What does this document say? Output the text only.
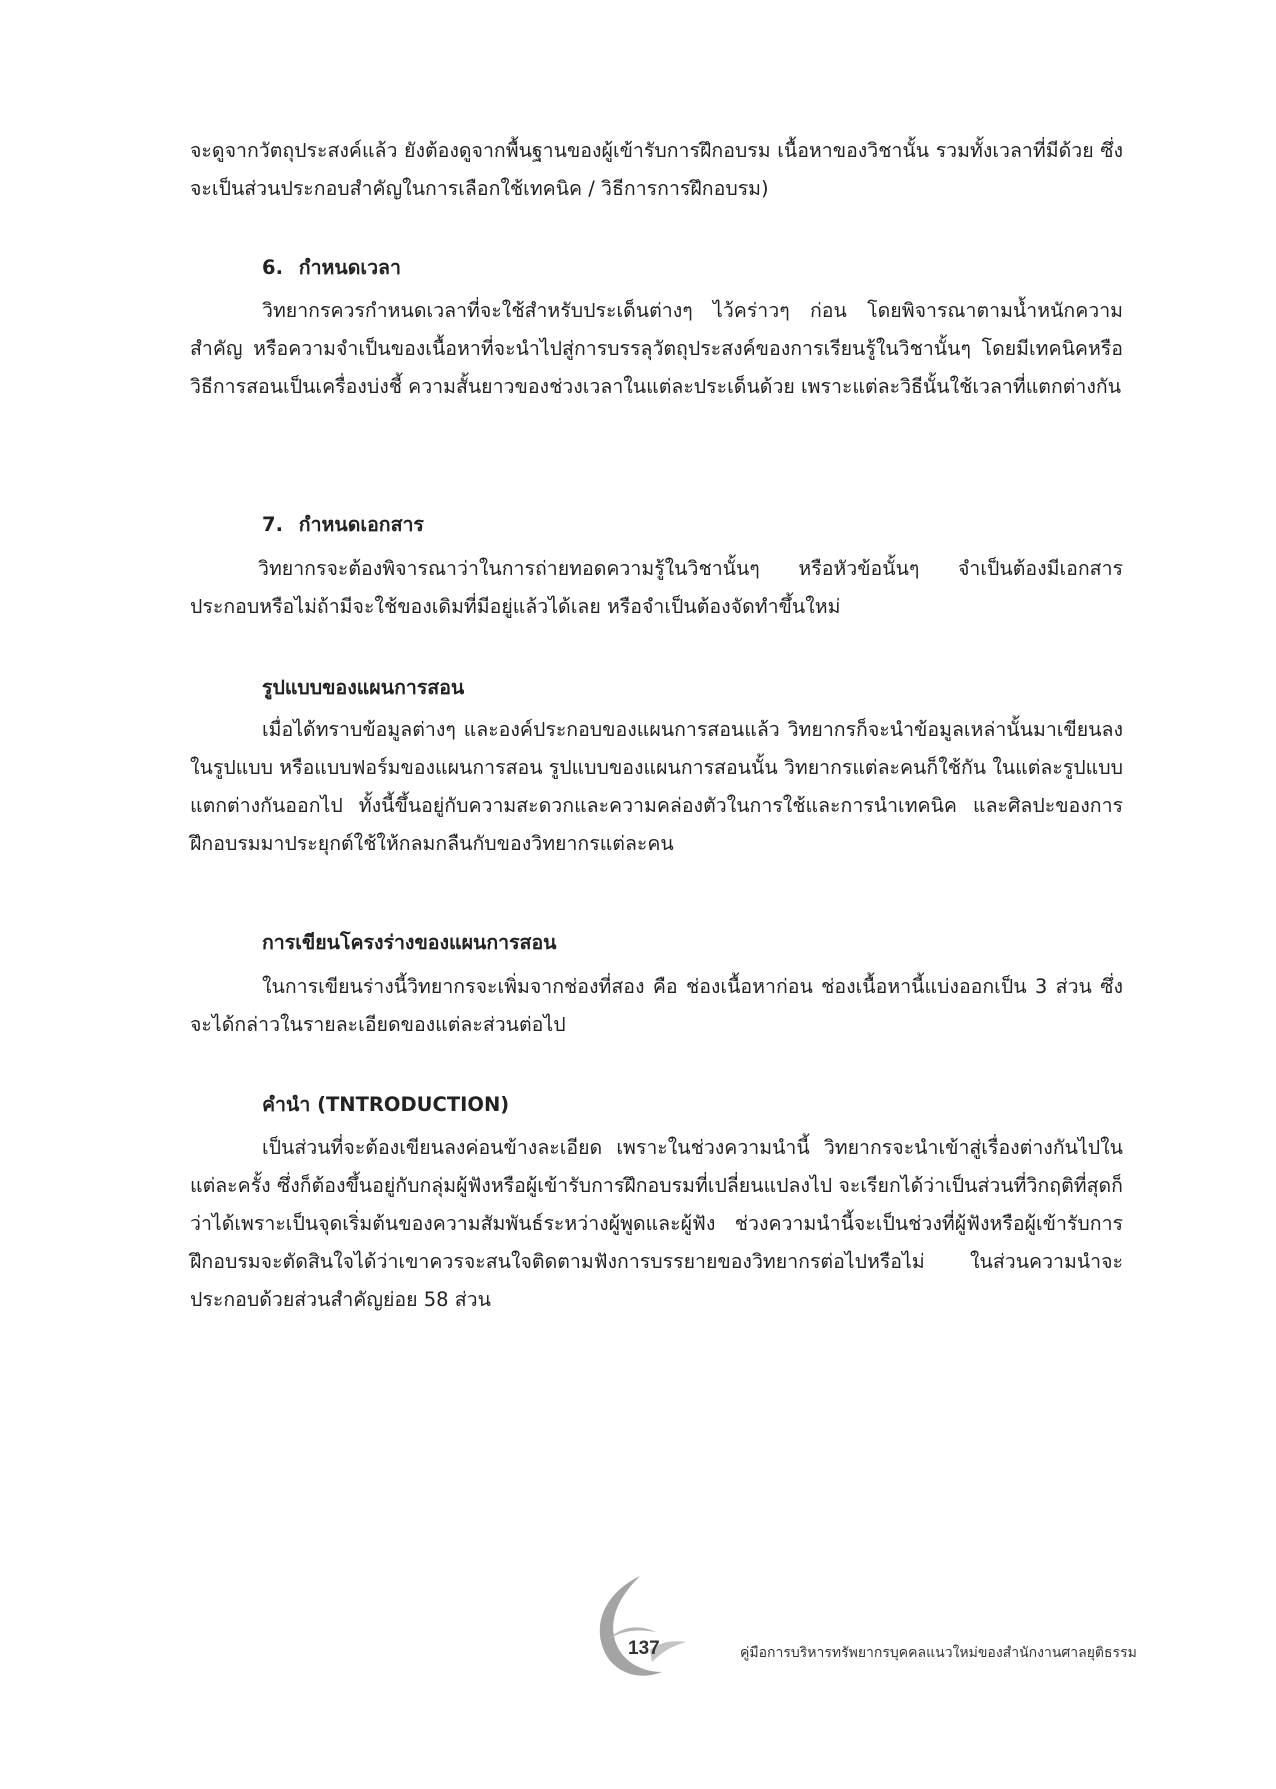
จะดูจากวัตถุประสงค์แล้ว ยังต้องดูจากพื้นฐานของผู้เข้ารับการฝึกอบรม เนื้อหาของวิชานั้น รวมทั้งเวลาที่มีด้วย ซึ่งจะเป็นส่วนประกอบสำคัญในการเลือกใช้เทคนิค / วิธีการการฝึกอบรม)

6. กำหนดเวลา

วิทยากรควรกำหนดเวลาที่จะใช้สำหรับประเด็นต่างๆ ไว้คร่าวๆ ก่อน โดยพิจารณาตามน้ำหนักความสำคัญ หรือความจำเป็นของเนื้อหาที่จะนำไปสู่การบรรลุวัตถุประสงค์ของการเรียนรู้ในวิชานั้นๆ โดยมีเทคนิคหรือวิธีการสอนเป็นเครื่องบ่งชี้ ความสั้นยาวของช่วงเวลาในแต่ละประเด็นด้วย เพราะแต่ละวิธีนั้นใช้เวลาที่แตกต่างกัน

7. กำหนดเอกสาร

วิทยากรจะต้องพิจารณาว่าในการถ่ายทอดความรู้ในวิชานั้นๆ หรือหัวข้อนั้นๆ จำเป็นต้องมีเอกสารประกอบหรือไม่ถ้ามีจะใช้ของเดิมที่มีอยู่แล้วได้เลย หรือจำเป็นต้องจัดทำขึ้นใหม่

รูปแบบของแผนการสอน

เมื่อได้ทราบข้อมูลต่างๆ และองค์ประกอบของแผนการสอนแล้ว วิทยากรก็จะนำข้อมูลเหล่านั้นมาเขียนลงในรูปแบบ หรือแบบฟอร์มของแผนการสอน รูปแบบของแผนการสอนนั้น วิทยากรแต่ละคนก็ใช้กัน ในแต่ละรูปแบบแตกต่างกันออกไป ทั้งนี้ขึ้นอยู่กับความสะดวกและความคล่องตัวในการใช้และการนำเทคนิค และศิลปะของการฝึกอบรมมาประยุกต์ใช้ให้กลมกลืนกับของวิทยากรแต่ละคน

การเขียนโครงร่างของแผนการสอน

ในการเขียนร่างนี้วิทยากรจะเพิ่มจากช่องที่สอง คือ ช่องเนื้อหาก่อน ช่องเนื้อหานี้แบ่งออกเป็น 3 ส่วน ซึ่งจะได้กล่าวในรายละเอียดของแต่ละส่วนต่อไป

คำนำ (TNTRODUCTION)

เป็นส่วนที่จะต้องเขียนลงค่อนข้างละเอียด เพราะในช่วงความนำนี้ วิทยากรจะนำเข้าสู่เรื่องต่างกันไปในแต่ละครั้ง ซึ่งก็ต้องขึ้นอยู่กับกลุ่มผู้ฟังหรือผู้เข้ารับการฝึกอบรมที่เปลี่ยนแปลงไป จะเรียกได้ว่าเป็นส่วนที่วิกฤติที่สุดก็ว่าได้เพราะเป็นจุดเริ่มต้นของความสัมพันธ์ระหว่างผู้พูดและผู้ฟัง ช่วงความนำนี้จะเป็นช่วงที่ผู้ฟังหรือผู้เข้ารับการฝึกอบรมจะตัดสินใจได้ว่าเขาควรจะสนใจติดตามฟังการบรรยายของวิทยากรต่อไปหรือไม่ ในส่วนความนำจะประกอบด้วยส่วนสำคัญย่อย 58 ส่วน

137	คู่มือการบริหารทรัพยากรบุคคลแนวใหม่ของสำนักงานศาลยุติธรรม
